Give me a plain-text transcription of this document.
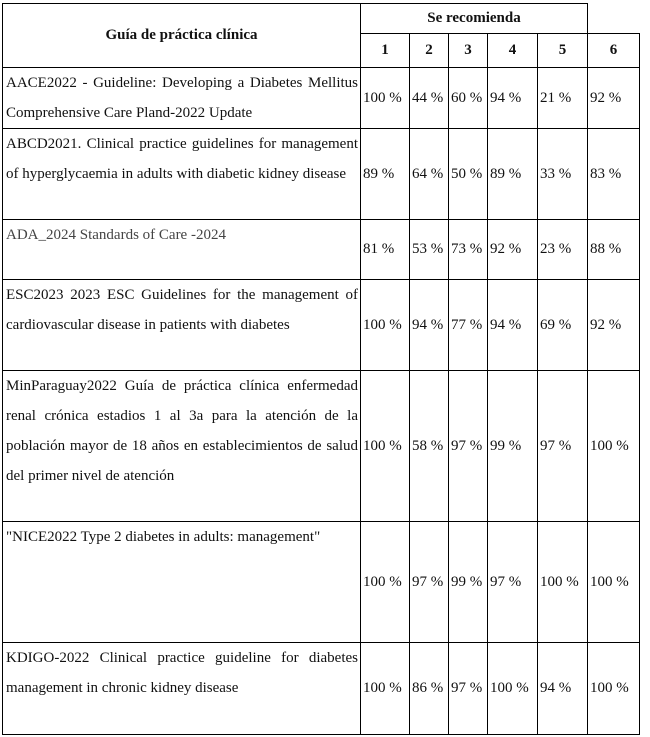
Guía de práctica clínica	Se recomienda					
	1	2	3	4	5	6
AACE2022 - Guideline: Developing a Diabetes Mellitus Comprehensive Care Pland-2022 Update	100 %	44 %	60 %	94 %	21 %	92 %
ABCD2021. Clinical practice guidelines for management of hyperglycaemia in adults with diabetic kidney disease	89 %	64 %	50 %	89 %	33 %	83 %
ADA_2024 Standards of Care -2024	81 %	53 %	73 %	92 %	23 %	88 %
ESC2023 2023 ESC Guidelines for the management of cardiovascular disease in patients with diabetes	100 %	94 %	77 %	94 %	69 %	92 %
MinParaguay2022 Guía de práctica clínica enfermedad renal crónica estadios 1 al 3a para la atención de la población mayor de 18 años en establecimientos de salud del primer nivel de atención	100 %	58 %	97 %	99 %	97 %	100 %
"NICE2022 Type 2 diabetes in adults: management"	100 %	97 %	99 %	97 %	100 %	100 %
KDIGO-2022 Clinical practice guideline for diabetes management in chronic kidney disease	100 %	86 %	97 %	100 %	94 %	100 %
